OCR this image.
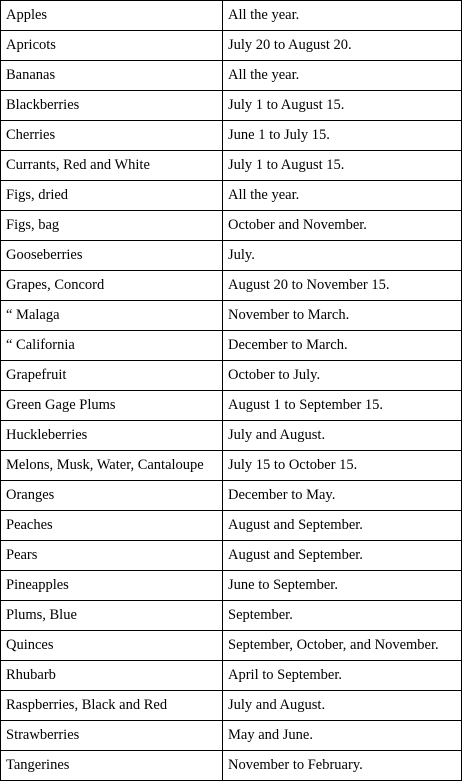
Apples	All the year.
Apricots	July 20 to August 20.
Bananas	All the year.
Blackberries	July 1 to August 15.
Cherries	June 1 to July 15.
Currants, Red and White	July 1 to August 15.
Figs, dried	All the year.
Figs, bag	October and November.
Gooseberries	July.
Grapes, Concord	August 20 to November 15.
“ Malaga	November to March.
“ California	December to March.
Grapefruit	October to July.
Green Gage Plums	August 1 to September 15.
Huckleberries	July and August.
Melons, Musk, Water, Cantaloupe	July 15 to October 15.
Oranges	December to May.
Peaches	August and September.
Pears	August and September.
Pineapples	June to September.
Plums, Blue	September.
Quinces	September, October, and November.
Rhubarb	April to September.
Raspberries, Black and Red	July and August.
Strawberries	May and June.
Tangerines	November to February.
